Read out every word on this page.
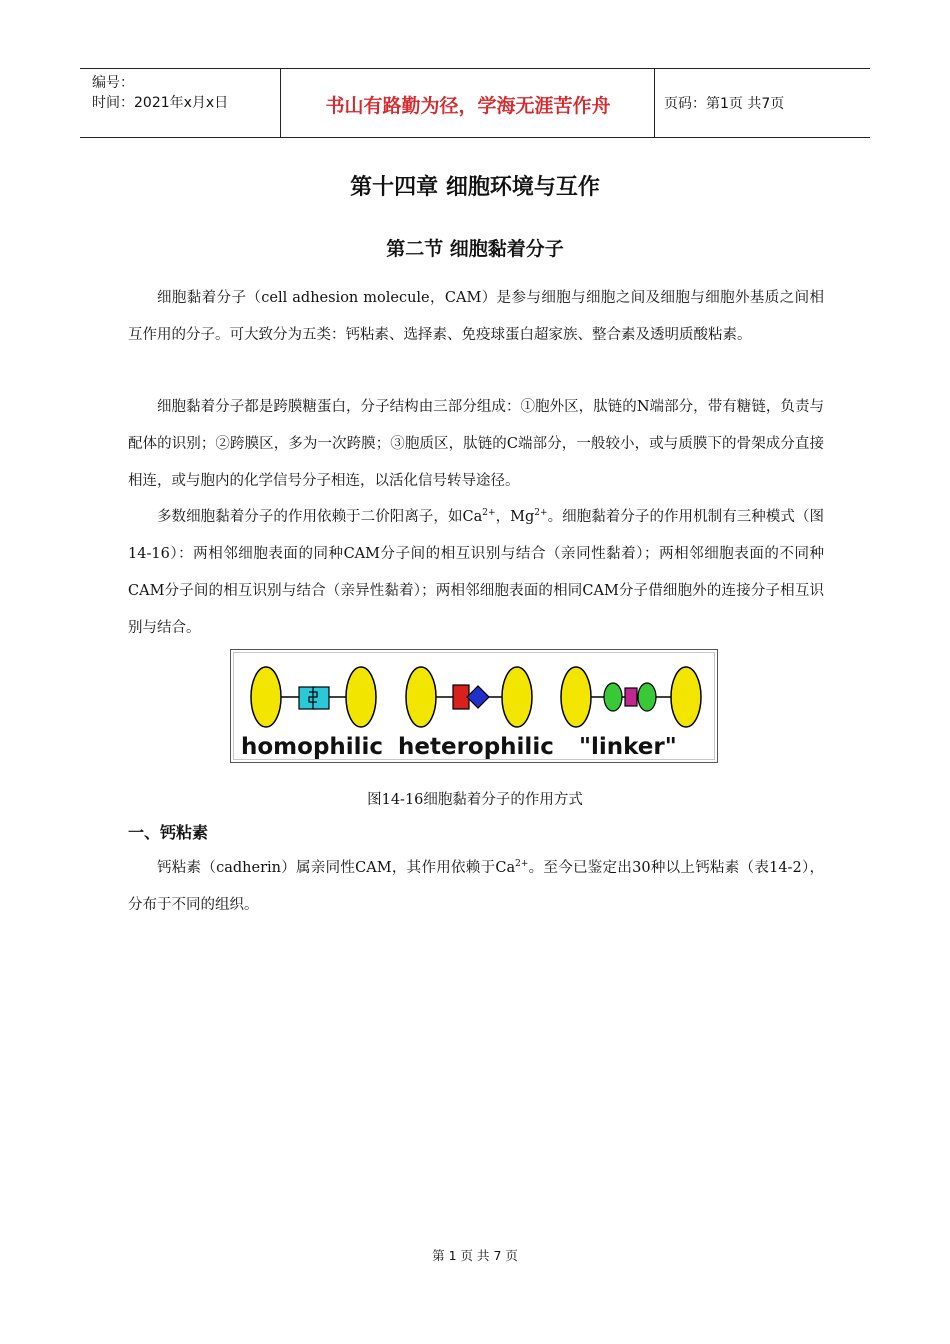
编号：
时间：2021年x月x日	书山有路勤为径，学海无涯苦作舟	页码：第1页 共7页
第十四章 细胞环境与互作
第二节 细胞黏着分子

细胞黏着分子（cell adhesion molecule，CAM）是参与细胞与细胞之间及细胞与细胞外基质之间相互作用的分子。可大致分为五类：钙粘素、选择素、免疫球蛋白超家族、整合素及透明质酸粘素。

细胞黏着分子都是跨膜糖蛋白，分子结构由三部分组成：①胞外区，肽链的N端部分，带有糖链，负责与配体的识别；②跨膜区，多为一次跨膜；③胞质区，肽链的C端部分，一般较小，或与质膜下的骨架成分直接相连，或与胞内的化学信号分子相连，以活化信号转导途径。

多数细胞黏着分子的作用依赖于二价阳离子，如$Ca^{2+}$，$Mg^{2+}$。细胞黏着分子的作用机制有三种模式（图14-16）：两相邻细胞表面的同种CAM分子间的相互识别与结合（亲同性黏着）；两相邻细胞表面的不同种CAM分子间的相互识别与结合（亲异性黏着）；两相邻细胞表面的相同CAM分子借细胞外的连接分子相互识别与结合。

homophilic heterophilic "linker"
图14-16细胞黏着分子的作用方式
一、钙粘素

钙粘素（cadherin）属亲同性CAM，其作用依赖于$Ca^{2+}$。至今已鉴定出30种以上钙粘素（表14-2），分布于不同的组织。

第 1 页 共 7 页
